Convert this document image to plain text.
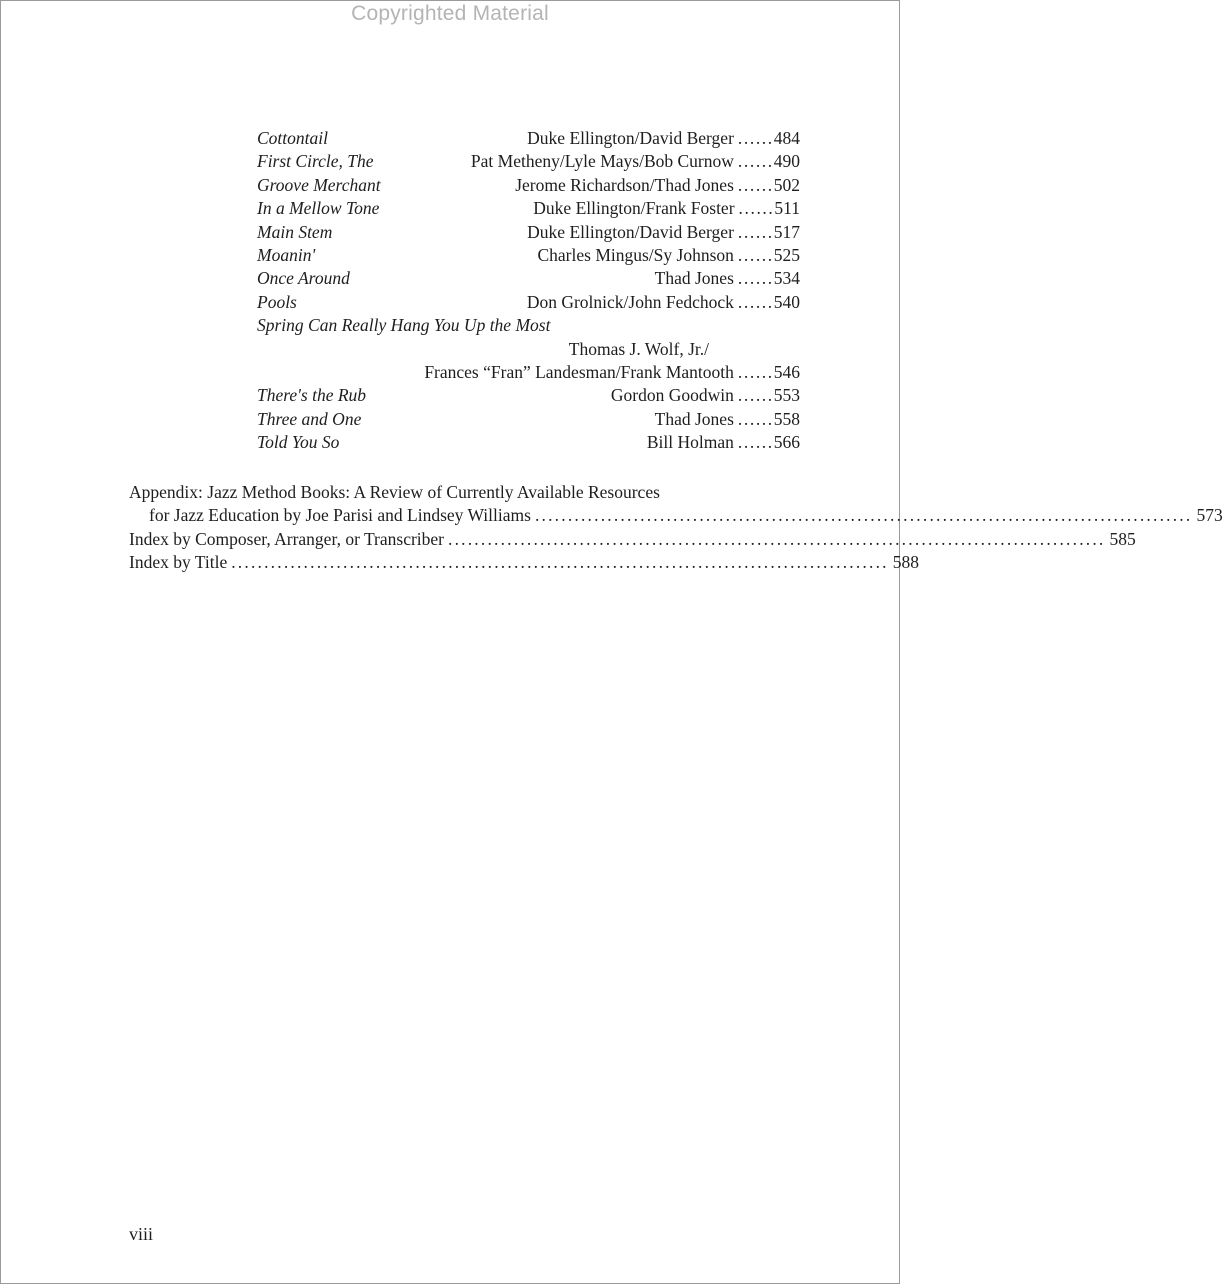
Copyrighted Material
Cottontail	Duke Ellington/David Berger ...... 484
First Circle, The	Pat Metheny/Lyle Mays/Bob Curnow ...... 490
Groove Merchant	Jerome Richardson/Thad Jones ...... 502
In a Mellow Tone	Duke Ellington/Frank Foster ...... 511
Main Stem	Duke Ellington/David Berger ...... 517
Moanin'	Charles Mingus/Sy Johnson ...... 525
Once Around	Thad Jones ...... 534
Pools	Don Grolnick/John Fedchock ...... 540
Spring Can Really Hang You Up the Most
Thomas J. Wolf, Jr./
Frances “Fran” Landesman/Frank Mantooth ...... 546
There's the Rub	Gordon Goodwin ...... 553
Three and One	Thad Jones ...... 558
Told You So	Bill Holman ...... 566
Appendix: Jazz Method Books: A Review of Currently Available Resources
for Jazz Education by Joe Parisi and Lindsey Williams .................................................................................................... 573
Index by Composer, Arranger, or Transcriber .................................................................................................... 585
Index by Title .................................................................................................... 588
viii
